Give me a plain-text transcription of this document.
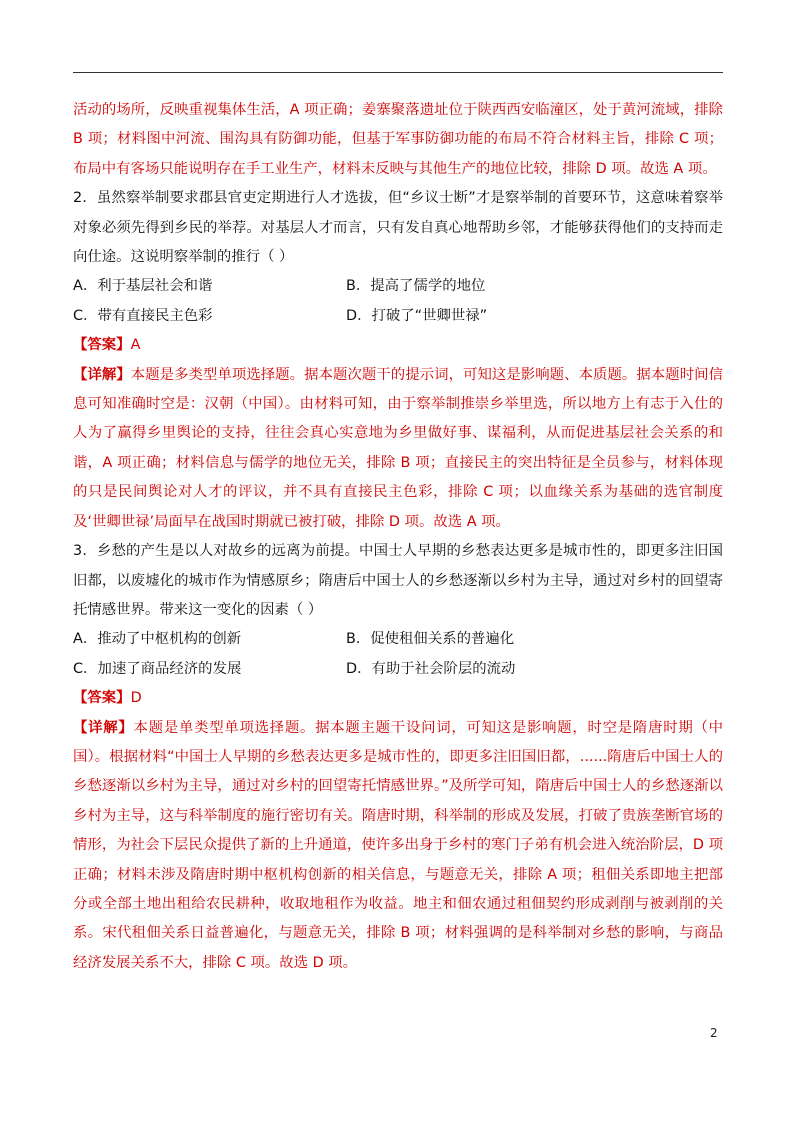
活动的场所，反映重视集体生活，A 项正确；姜寨聚落遗址位于陕西西安临潼区，处于黄河流域，排除 B 项；材料图中河流、围沟具有防御功能，但基于军事防御功能的布局不符合材料主旨，排除 C 项；布局中有客场只能说明存在手工业生产，材料未反映与其他生产的地位比较，排除 D 项。故选 A 项。

2．虽然察举制要求郡县官吏定期进行人才选拔，但“乡议士断”才是察举制的首要环节，这意味着察举对象必须先得到乡民的举荐。对基层人才而言，只有发自真心地帮助乡邻，才能够获得他们的支持而走向仕途。这说明察举制的推行（ ）

A．利于基层社会和谐	B．提高了儒学的地位
C．带有直接民主色彩	D．打破了“世卿世禄”

【答案】A

【详解】本题是多类型单项选择题。据本题次题干的提示词，可知这是影响题、本质题。据本题时间信息可知准确时空是：汉朝（中国）。由材料可知，由于察举制推崇乡举里选，所以地方上有志于入仕的人为了赢得乡里舆论的支持，往往会真心实意地为乡里做好事、谋福利，从而促进基层社会关系的和谐，A 项正确；材料信息与儒学的地位无关，排除 B 项；直接民主的突出特征是全员参与，材料体现的只是民间舆论对人才的评议，并不具有直接民主色彩，排除 C 项；以血缘关系为基础的选官制度及‘世卿世禄’局面早在战国时期就已被打破，排除 D 项。故选 A 项。

3．乡愁的产生是以人对故乡的远离为前提。中国士人早期的乡愁表达更多是城市性的，即更多注旧国旧都，以废墟化的城市作为情感原乡；隋唐后中国士人的乡愁逐渐以乡村为主导，通过对乡村的回望寄托情感世界。带来这一变化的因素（ ）

A．推动了中枢机构的创新	B．促使租佃关系的普遍化
C．加速了商品经济的发展	D．有助于社会阶层的流动

【答案】D

【详解】本题是单类型单项选择题。据本题主题干设问词，可知这是影响题，时空是隋唐时期（中国）。根据材料“中国士人早期的乡愁表达更多是城市性的，即更多注旧国旧都，......隋唐后中国士人的乡愁逐渐以乡村为主导，通过对乡村的回望寄托情感世界。”及所学可知，隋唐后中国士人的乡愁逐渐以乡村为主导，这与科举制度的施行密切有关。隋唐时期，科举制的形成及发展，打破了贵族垄断官场的情形，为社会下层民众提供了新的上升通道，使许多出身于乡村的寒门子弟有机会进入统治阶层，D 项正确；材料未涉及隋唐时期中枢机构创新的相关信息，与题意无关，排除 A 项；租佃关系即地主把部分或全部土地出租给农民耕种，收取地租作为收益。地主和佃农通过租佃契约形成剥削与被剥削的关系。宋代租佃关系日益普遍化，与题意无关，排除 B 项；材料强调的是科举制对乡愁的影响，与商品经济发展关系不大，排除 C 项。故选 D 项。

2
